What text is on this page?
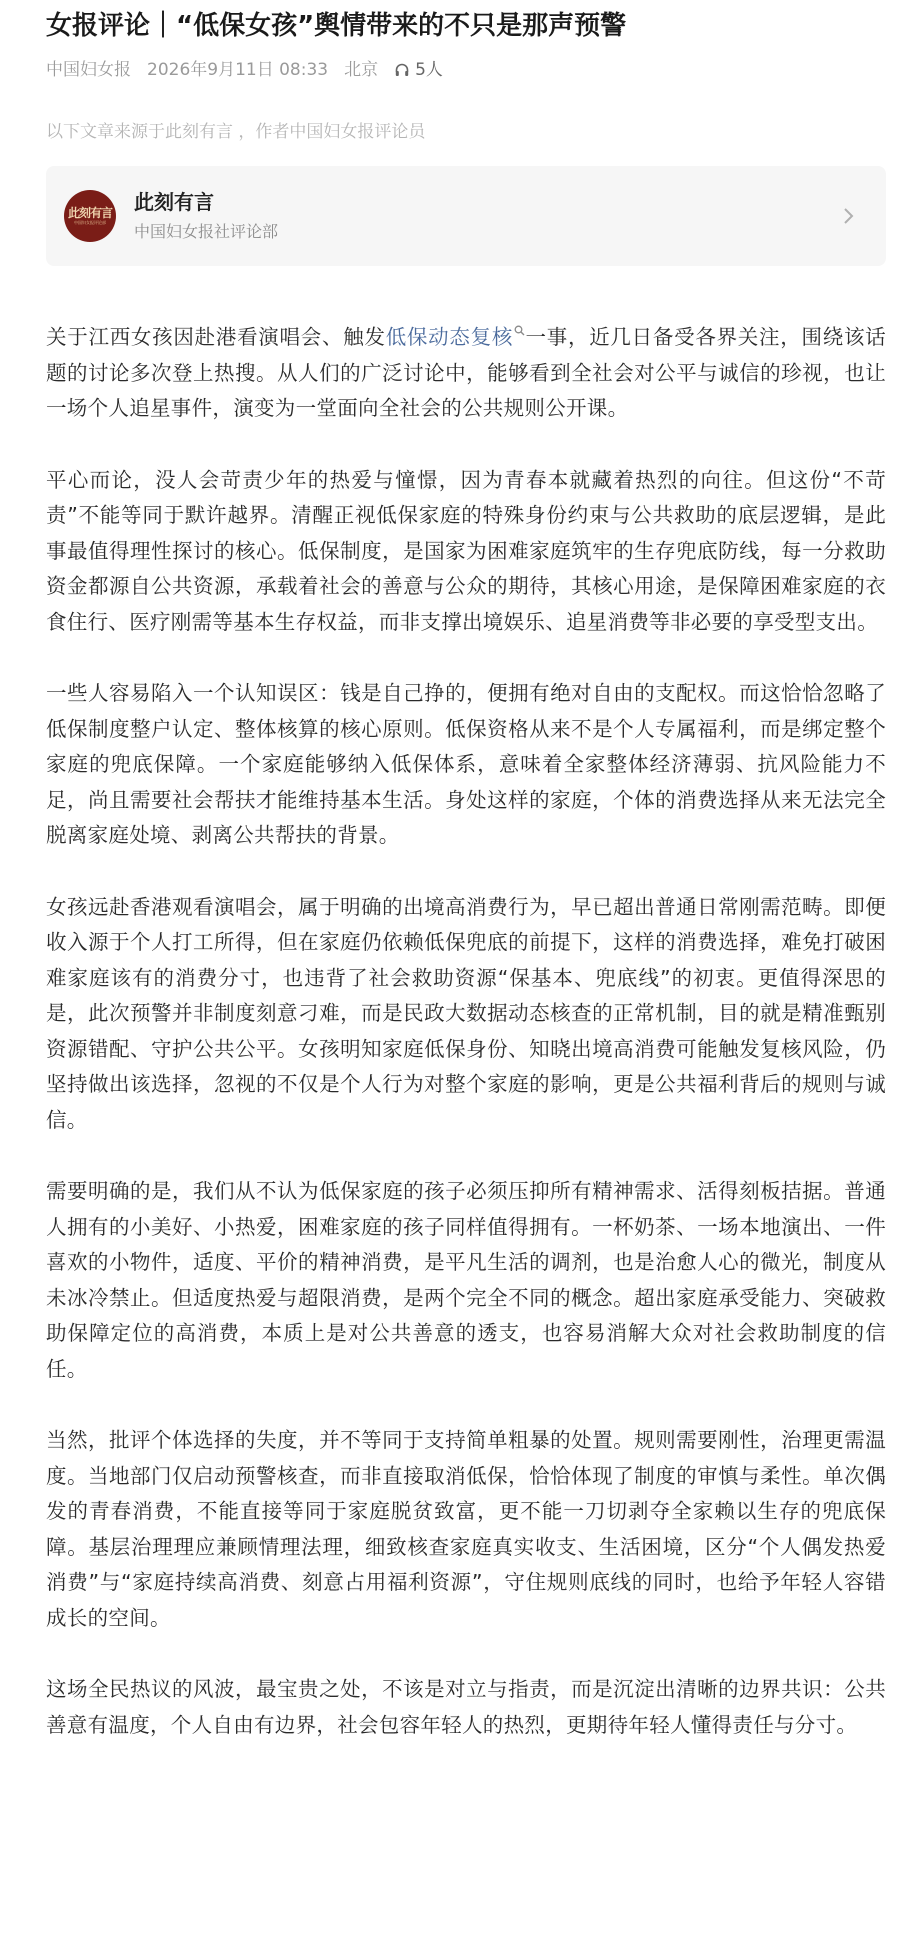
女报评论｜“低保女孩”舆情带来的不只是那声预警
中国妇女报 2026年9月11日 08:33 北京 5人
以下文章来源于此刻有言 ，作者中国妇女报评论员
此刻有言
中国妇女报评论部
此刻有言
中国妇女报社评论部

关于江西女孩因赴港看演唱会、触发低保动态复核 一事，近几日备受各界关注，围绕该话题的讨论多次登上热搜。从人们的广泛讨论中，能够看到全社会对公平与诚信的珍视，也让一场个人追星事件，演变为一堂面向全社会的公共规则公开课。

平心而论，没人会苛责少年的热爱与憧憬，因为青春本就藏着热烈的向往。但这份“不苛责”不能等同于默许越界。清醒正视低保家庭的特殊身份约束与公共救助的底层逻辑，是此事最值得理性探讨的核心。低保制度，是国家为困难家庭筑牢的生存兜底防线，每一分救助资金都源自公共资源，承载着社会的善意与公众的期待，其核心用途，是保障困难家庭的衣食住行、医疗刚需等基本生存权益，而非支撑出境娱乐、追星消费等非必要的享受型支出。

一些人容易陷入一个认知误区：钱是自己挣的，便拥有绝对自由的支配权。而这恰恰忽略了低保制度整户认定、整体核算的核心原则。低保资格从来不是个人专属福利，而是绑定整个家庭的兜底保障。一个家庭能够纳入低保体系，意味着全家整体经济薄弱、抗风险能力不足，尚且需要社会帮扶才能维持基本生活。身处这样的家庭，个体的消费选择从来无法完全脱离家庭处境、剥离公共帮扶的背景。

女孩远赴香港观看演唱会，属于明确的出境高消费行为，早已超出普通日常刚需范畴。即便收入源于个人打工所得，但在家庭仍依赖低保兜底的前提下，这样的消费选择，难免打破困难家庭该有的消费分寸，也违背了社会救助资源“保基本、兜底线”的初衷。更值得深思的是，此次预警并非制度刻意刁难，而是民政大数据动态核查的正常机制，目的就是精准甄别资源错配、守护公共公平。女孩明知家庭低保身份、知晓出境高消费可能触发复核风险，仍坚持做出该选择，忽视的不仅是个人行为对整个家庭的影响，更是公共福利背后的规则与诚信。

需要明确的是，我们从不认为低保家庭的孩子必须压抑所有精神需求、活得刻板拮据。普通人拥有的小美好、小热爱，困难家庭的孩子同样值得拥有。一杯奶茶、一场本地演出、一件喜欢的小物件，适度、平价的精神消费，是平凡生活的调剂，也是治愈人心的微光，制度从未冰冷禁止。但适度热爱与超限消费，是两个完全不同的概念。超出家庭承受能力、突破救助保障定位的高消费，本质上是对公共善意的透支，也容易消解大众对社会救助制度的信任。

当然，批评个体选择的失度，并不等同于支持简单粗暴的处置。规则需要刚性，治理更需温度。当地部门仅启动预警核查，而非直接取消低保，恰恰体现了制度的审慎与柔性。单次偶发的青春消费，不能直接等同于家庭脱贫致富，更不能一刀切剥夺全家赖以生存的兜底保障。基层治理理应兼顾情理法理，细致核查家庭真实收支、生活困境，区分“个人偶发热爱消费”与“家庭持续高消费、刻意占用福利资源”，守住规则底线的同时，也给予年轻人容错成长的空间。

这场全民热议的风波，最宝贵之处，不该是对立与指责，而是沉淀出清晰的边界共识：公共善意有温度，个人自由有边界，社会包容年轻人的热烈，更期待年轻人懂得责任与分寸。
